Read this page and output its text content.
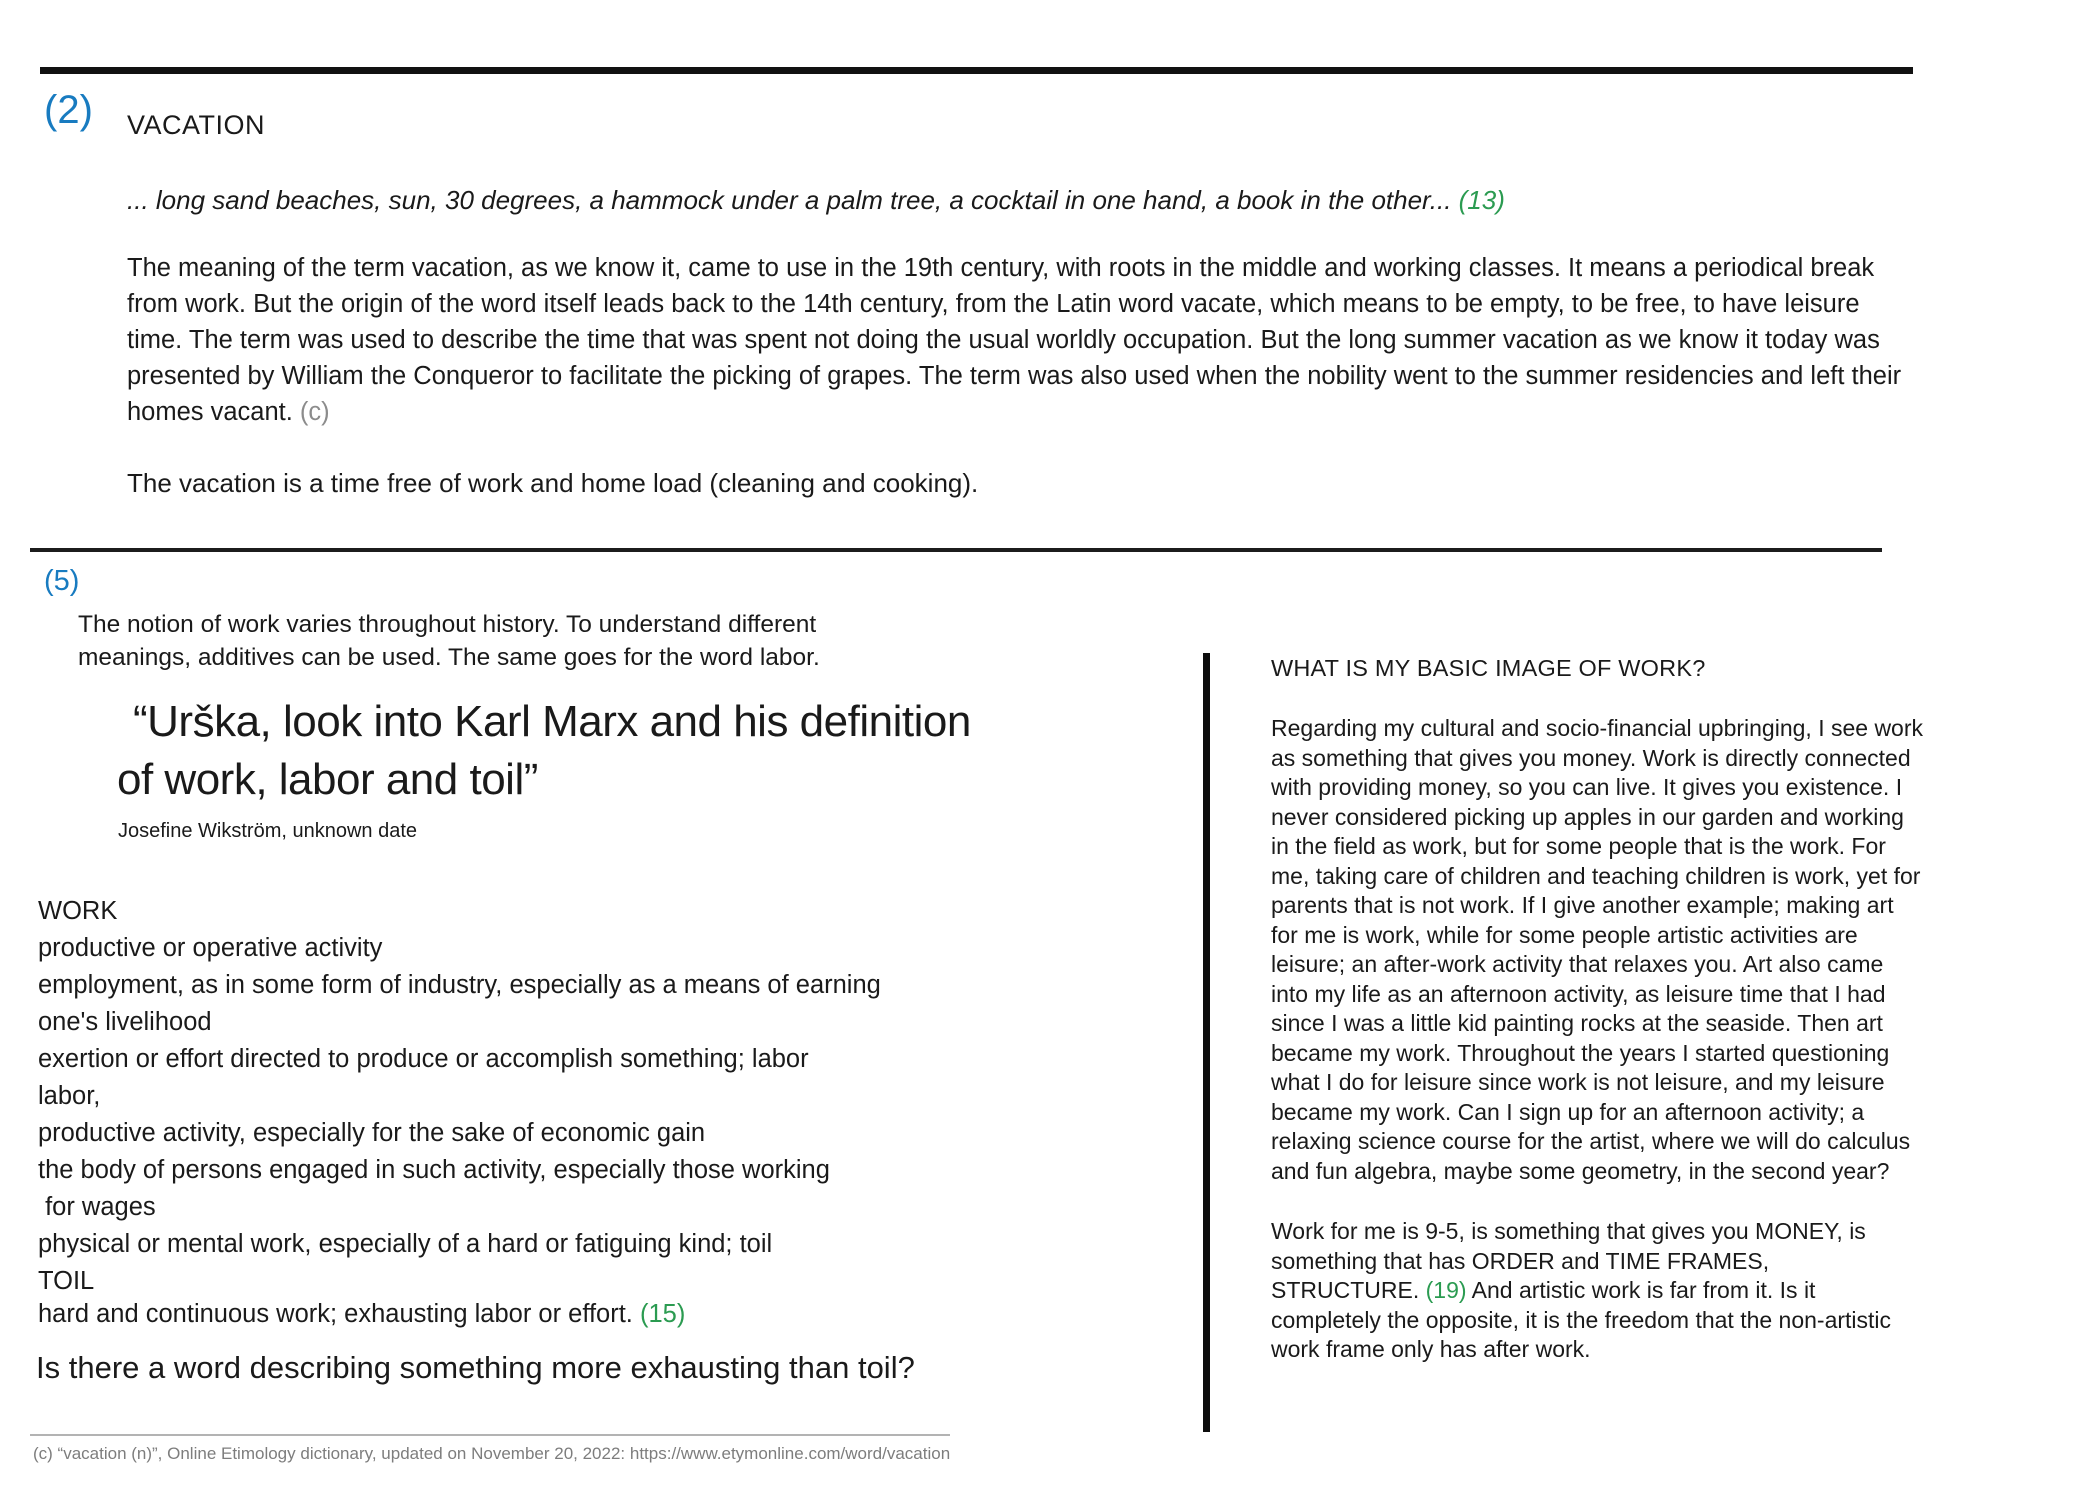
(2) VACATION

... long sand beaches, sun, 30 degrees, a hammock under a palm tree, a cocktail in one hand, a book in the other... (13)

The meaning of the term vacation, as we know it, came to use in the 19th century, with roots in the middle and working classes. It means a periodical break from work. But the origin of the word itself leads back to the 14th century, from the Latin word vacate, which means to be empty, to be free, to have leisure time. The term was used to describe the time that was spent not doing the usual worldly occupation. But the long summer vacation as we know it today was presented by William the Conqueror to facilitate the picking of grapes. The term was also used when the nobility went to the summer residencies and left their homes vacant. (c)

The vacation is a time free of work and home load (cleaning and cooking).

(5)
The notion of work varies throughout history. To understand different meanings, additives can be used. The same goes for the word labor.
“Urška, look into Karl Marx and his definition
of work, labor and toil”
Josefine Wikström, unknown date
WORK
productive or operative activity
employment, as in some form of industry, especially as a means of earning
one's livelihood
exertion or effort directed to produce or accomplish something; labor
labor,
productive activity, especially for the sake of economic gain
the body of persons engaged in such activity, especially those working
for wages
physical or mental work, especially of a hard or fatiguing kind; toil
TOIL
hard and continuous work; exhausting labor or effort. (15)
Is there a word describing something more exhausting than toil?
(c) “vacation (n)”, Online Etimology dictionary, updated on November 20, 2022: https://www.etymonline.com/word/vacation
WHAT IS MY BASIC IMAGE OF WORK?

Regarding my cultural and socio-financial upbringing, I see work as something that gives you money. Work is directly connected with providing money, so you can live. It gives you existence. I never considered picking up apples in our garden and working in the field as work, but for some people that is the work. For me, taking care of children and teaching children is work, yet for parents that is not work. If I give another example; making art for me is work, while for some people artistic activities are leisure; an after-work activity that relaxes you. Art also came into my life as an afternoon activity, as leisure time that I had since I was a little kid painting rocks at the seaside. Then art became my work. Throughout the years I started questioning what I do for leisure since work is not leisure, and my leisure became my work. Can I sign up for an afternoon activity; a relaxing science course for the artist, where we will do calculus and fun algebra, maybe some geometry, in the second year?

Work for me is 9-5, is something that gives you MONEY, is something that has ORDER and TIME FRAMES, STRUCTURE. (19) And artistic work is far from it. Is it completely the opposite, it is the freedom that the non-artistic work frame only has after work.
